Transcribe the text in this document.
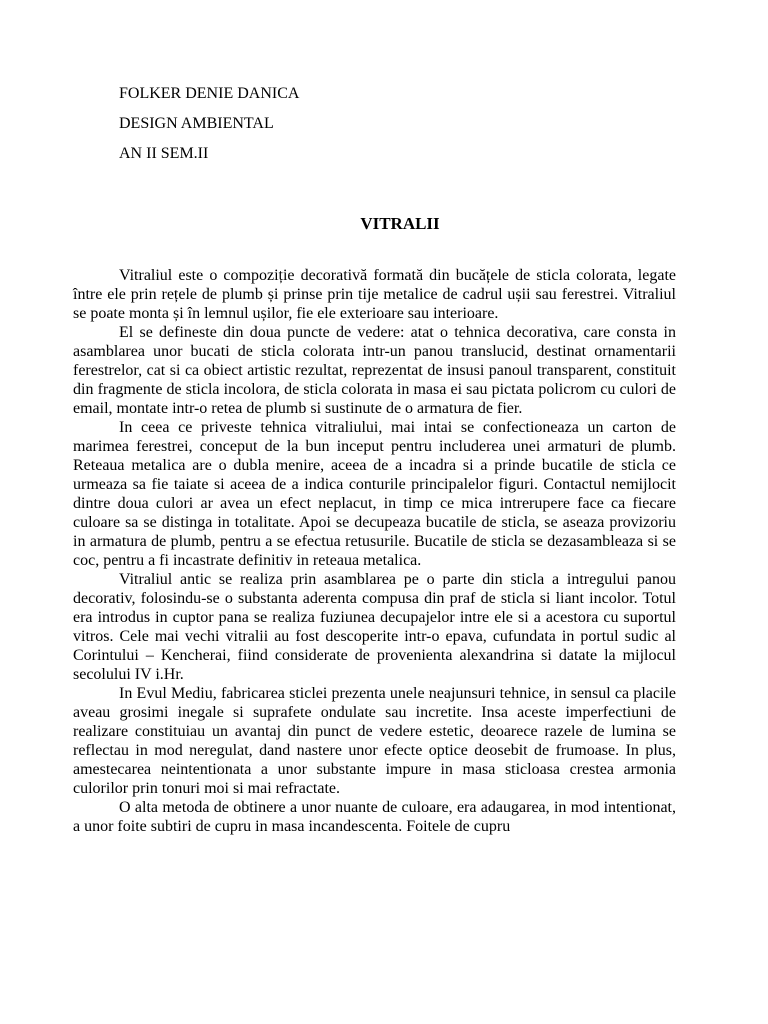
FOLKER DENIE DANICA
DESIGN AMBIENTAL
AN II SEM.II
VITRALII

Vitraliul este o compoziție decorativă formată din bucățele de sticla colorata, legate între ele prin rețele de plumb și prinse prin tije metalice de cadrul ușii sau ferestrei. Vitraliul se poate monta și în lemnul ușilor, fie ele exterioare sau interioare.

El se defineste din doua puncte de vedere: atat o tehnica decorativa, care consta in asamblarea unor bucati de sticla colorata intr-un panou translucid, destinat ornamentarii ferestrelor, cat si ca obiect artistic rezultat, reprezentat de insusi panoul transparent, constituit din fragmente de sticla incolora, de sticla colorata in masa ei sau pictata policrom cu culori de email, montate intr-o retea de plumb si sustinute de o armatura de fier.

In ceea ce priveste tehnica vitraliului, mai intai se confectioneaza un carton de marimea ferestrei, conceput de la bun inceput pentru includerea unei armaturi de plumb. Reteaua metalica are o dubla menire, aceea de a incadra si a prinde bucatile de sticla ce urmeaza sa fie taiate si aceea de a indica conturile principalelor figuri. Contactul nemijlocit dintre doua culori ar avea un efect neplacut, in timp ce mica intrerupere face ca fiecare culoare sa se distinga in totalitate. Apoi se decupeaza bucatile de sticla, se aseaza provizoriu in armatura de plumb, pentru a se efectua retusurile. Bucatile de sticla se dezasambleaza si se coc, pentru a fi incastrate definitiv in reteaua metalica.

Vitraliul antic se realiza prin asamblarea pe o parte din sticla a intregului panou decorativ, folosindu-se o substanta aderenta compusa din praf de sticla si liant incolor. Totul era introdus in cuptor pana se realiza fuziunea decupajelor intre ele si a acestora cu suportul vitros. Cele mai vechi vitralii au fost descoperite intr-o epava, cufundata in portul sudic al Corintului – Kencherai, fiind considerate de provenienta alexandrina si datate la mijlocul secolului IV i.Hr.

In Evul Mediu, fabricarea sticlei prezenta unele neajunsuri tehnice, in sensul ca placile aveau grosimi inegale si suprafete ondulate sau incretite. Insa aceste imperfectiuni de realizare constituiau un avantaj din punct de vedere estetic, deoarece razele de lumina se reflectau in mod neregulat, dand nastere unor efecte optice deosebit de frumoase. In plus, amestecarea neintentionata a unor substante impure in masa sticloasa crestea armonia culorilor prin tonuri moi si mai refractate.

O alta metoda de obtinere a unor nuante de culoare, era adaugarea, in mod intentionat, a unor foite subtiri de cupru in masa incandescenta. Foitele de cupru
